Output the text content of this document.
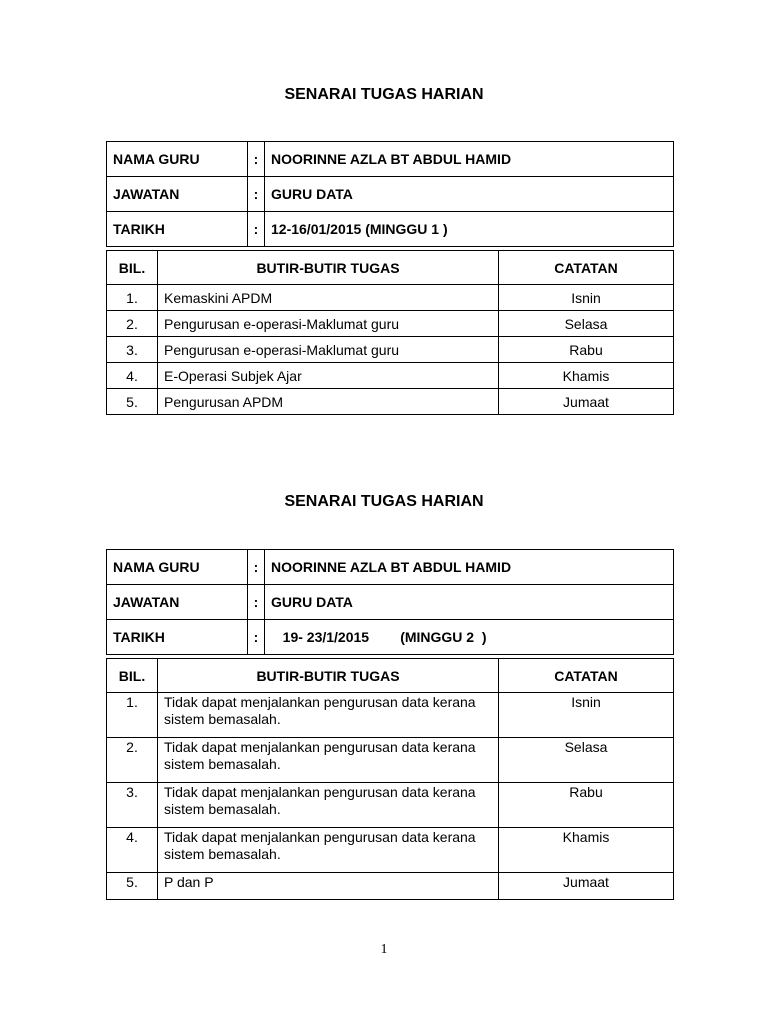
SENARAI TUGAS HARIAN
NAMA GURU	:	NOORINNE AZLA BT ABDUL HAMID
JAWATAN	:	GURU DATA
TARIKH	:	12-16/01/2015 (MINGGU 1 )
BIL.	BUTIR-BUTIR TUGAS	CATATAN
1.	Kemaskini APDM	Isnin
2.	Pengurusan e-operasi-Maklumat guru	Selasa
3.	Pengurusan e-operasi-Maklumat guru	Rabu
4.	E-Operasi Subjek Ajar	Khamis
5.	Pengurusan APDM	Jumaat
SENARAI TUGAS HARIAN
NAMA GURU	:	NOORINNE AZLA BT ABDUL HAMID
JAWATAN	:	GURU DATA
TARIKH	:	19- 23/1/2015        (MINGGU 2  )
BIL.	BUTIR-BUTIR TUGAS	CATATAN
1.	Tidak dapat menjalankan pengurusan data kerana sistem bemasalah.	Isnin
2.	Tidak dapat menjalankan pengurusan data kerana sistem bemasalah.	Selasa
3.	Tidak dapat menjalankan pengurusan data kerana sistem bemasalah.	Rabu
4.	Tidak dapat menjalankan pengurusan data kerana sistem bemasalah.	Khamis
5.	P dan P	Jumaat
1
